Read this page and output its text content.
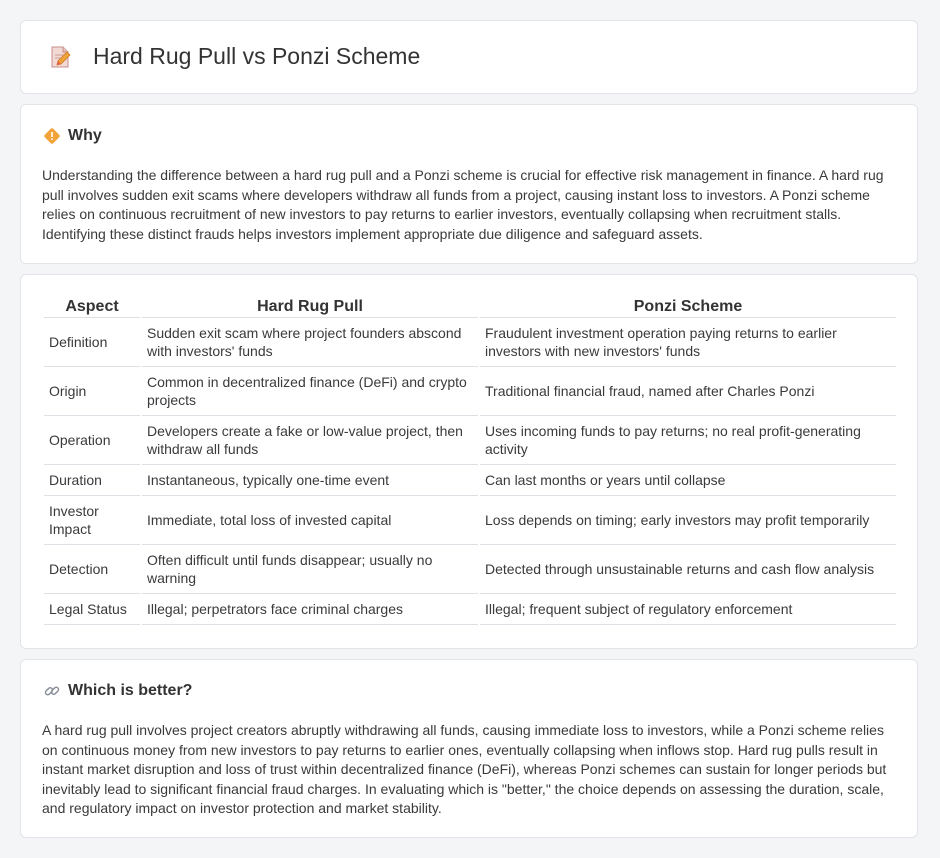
Hard Rug Pull vs Ponzi Scheme
Why

Understanding the difference between a hard rug pull and a Ponzi scheme is crucial for effective risk management in finance. A hard rug pull involves sudden exit scams where developers withdraw all funds from a project, causing instant loss to investors. A Ponzi scheme relies on continuous recruitment of new investors to pay returns to earlier investors, eventually collapsing when recruitment stalls. Identifying these distinct frauds helps investors implement appropriate due diligence and safeguard assets.

Aspect	Hard Rug Pull	Ponzi Scheme
Definition	Sudden exit scam where project founders abscond with investors' funds	Fraudulent investment operation paying returns to earlier investors with new investors' funds
Origin	Common in decentralized finance (DeFi) and crypto projects	Traditional financial fraud, named after Charles Ponzi
Operation	Developers create a fake or low-value project, then withdraw all funds	Uses incoming funds to pay returns; no real profit-generating activity
Duration	Instantaneous, typically one-time event	Can last months or years until collapse
Investor Impact	Immediate, total loss of invested capital	Loss depends on timing; early investors may profit temporarily
Detection	Often difficult until funds disappear; usually no warning	Detected through unsustainable returns and cash flow analysis
Legal Status	Illegal; perpetrators face criminal charges	Illegal; frequent subject of regulatory enforcement
Which is better?

A hard rug pull involves project creators abruptly withdrawing all funds, causing immediate loss to investors, while a Ponzi scheme relies on continuous money from new investors to pay returns to earlier ones, eventually collapsing when inflows stop. Hard rug pulls result in instant market disruption and loss of trust within decentralized finance (DeFi), whereas Ponzi schemes can sustain for longer periods but inevitably lead to significant financial fraud charges. In evaluating which is "better," the choice depends on assessing the duration, scale, and regulatory impact on investor protection and market stability.
